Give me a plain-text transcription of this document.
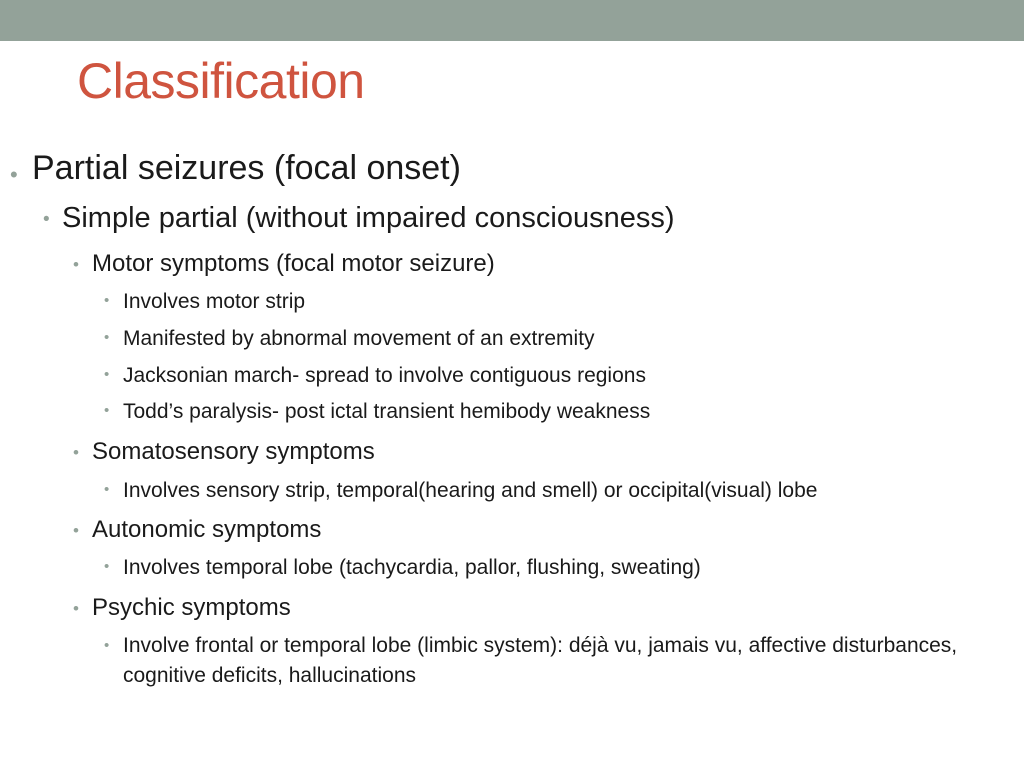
Classification
• Partial seizures (focal onset)
• Simple partial (without impaired consciousness)
• Motor symptoms (focal motor seizure)
• Involves motor strip
• Manifested by abnormal movement of an extremity
• Jacksonian march- spread to involve contiguous regions
• Todd’s paralysis- post ictal transient hemibody weakness
• Somatosensory symptoms
• Involves sensory strip, temporal(hearing and smell) or occipital(visual) lobe
• Autonomic symptoms
• Involves temporal lobe (tachycardia, pallor, flushing, sweating)
• Psychic symptoms
• Involve frontal or temporal lobe (limbic system): déjà vu, jamais vu, affective disturbances, cognitive deficits, hallucinations
